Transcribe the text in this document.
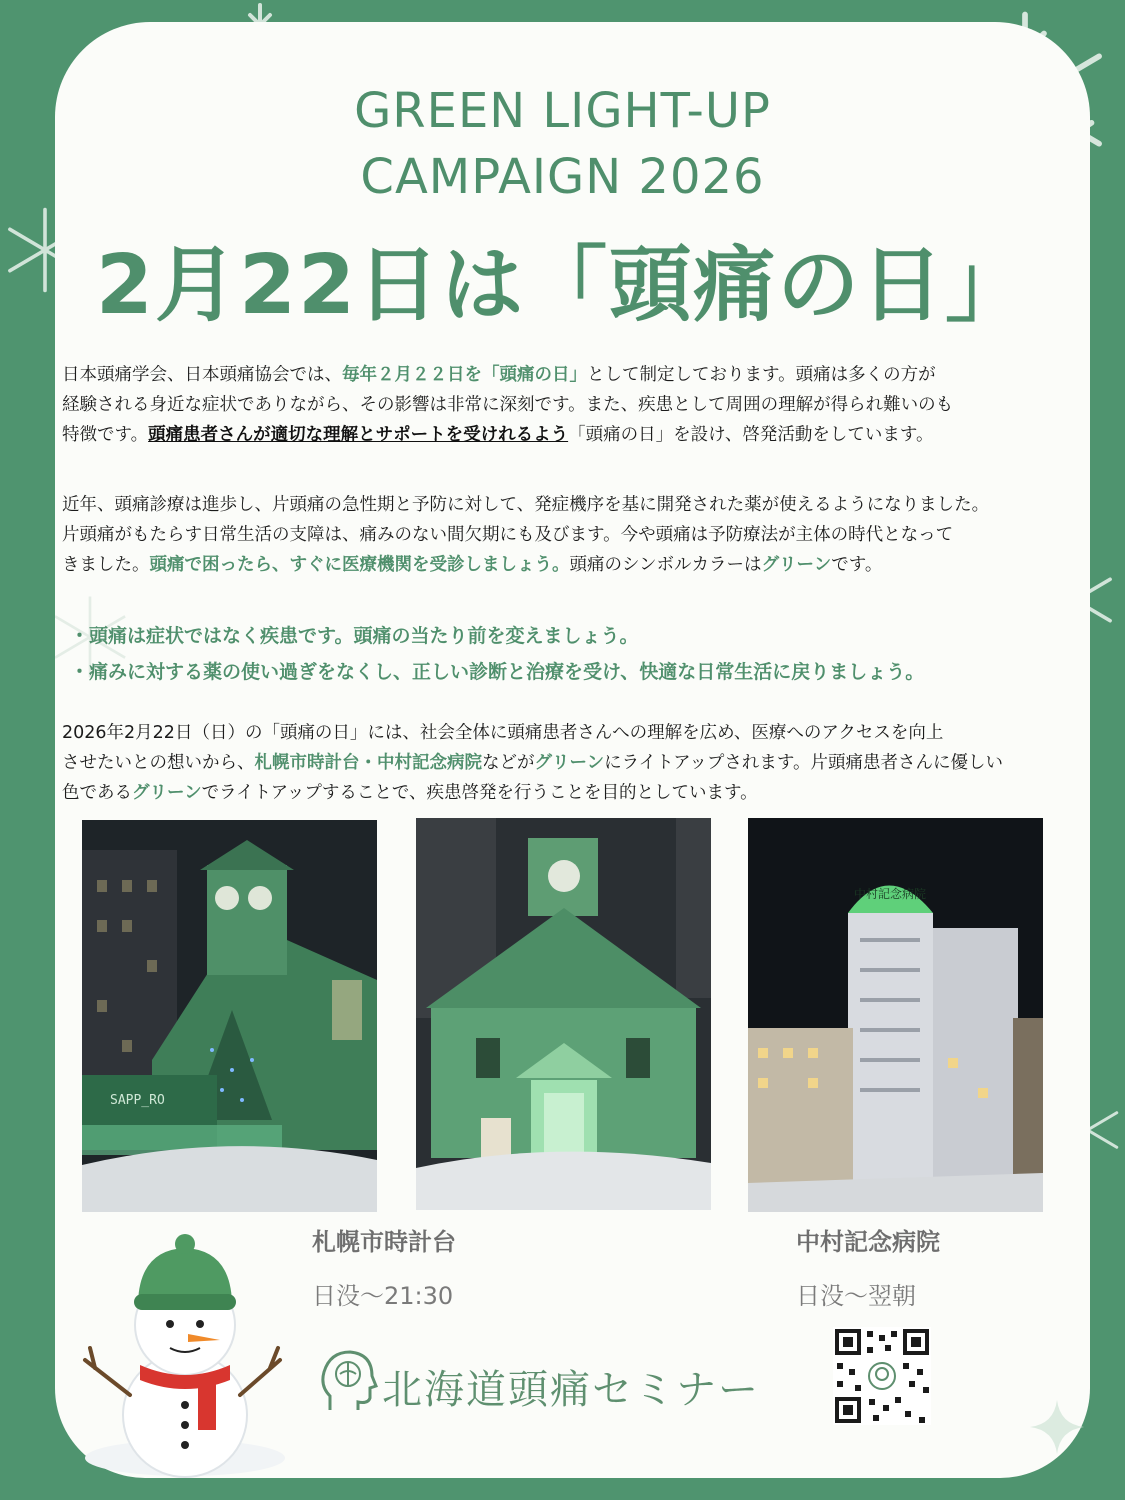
GREEN LIGHT-UP
CAMPAIGN 2026
2月22日は「頭痛の日」
日本頭痛学会、日本頭痛協会では、毎年２月２２日を「頭痛の日」として制定しております。頭痛は多くの方が
経験される身近な症状でありながら、その影響は非常に深刻です。また、疾患として周囲の理解が得られ難いのも
特徴です。頭痛患者さんが適切な理解とサポートを受けれるよう「頭痛の日」を設け、啓発活動をしています。
近年、頭痛診療は進歩し、片頭痛の急性期と予防に対して、発症機序を基に開発された薬が使えるようになりました。
片頭痛がもたらす日常生活の支障は、痛みのない間欠期にも及びます。今や頭痛は予防療法が主体の時代となって
きました。頭痛で困ったら、すぐに医療機関を受診しましょう。頭痛のシンボルカラーはグリーンです。
・頭痛は症状ではなく疾患です。頭痛の当たり前を変えましょう。
・痛みに対する薬の使い過ぎをなくし、正しい診断と治療を受け、快適な日常生活に戻りましょう。
2026年2月22日（日）の「頭痛の日」には、社会全体に頭痛患者さんへの理解を広め、医療へのアクセスを向上
させたいとの想いから、札幌市時計台・中村記念病院などがグリーンにライトアップされます。片頭痛患者さんに優しい
色であるグリーンでライトアップすることで、疾患啓発を行うことを目的としています。
SAPP_RO
中村記念病院
札幌市時計台
日没～21:30
中村記念病院
日没～翌朝
北海道頭痛セミナー
